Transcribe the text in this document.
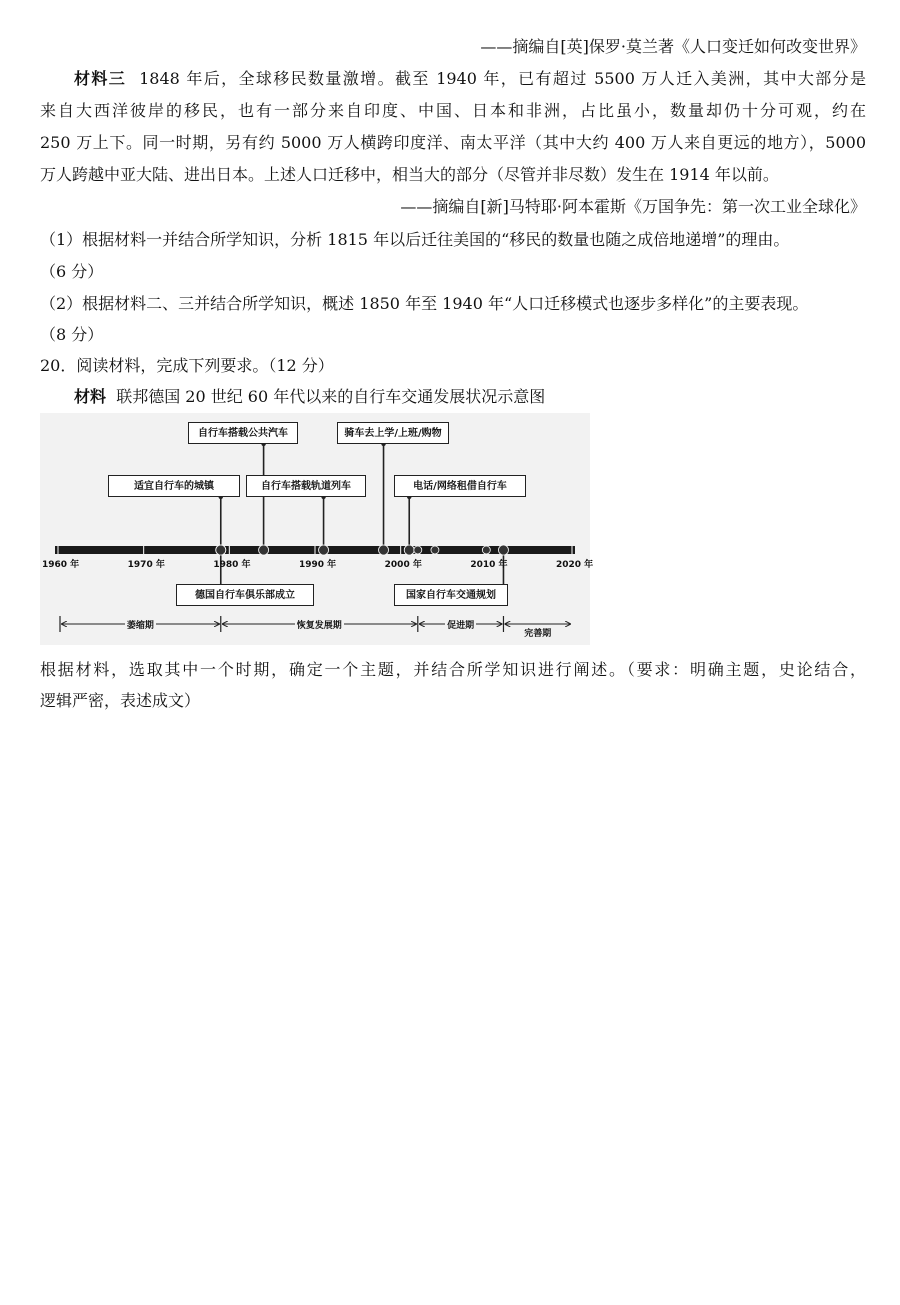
——摘编自[英]保罗·莫兰著《人口变迁如何改变世界》
材料三 1848 年后，全球移民数量激增。截至 1940 年，已有超过 5500 万人迁入美洲，其中大部分是
来自大西洋彼岸的移民，也有一部分来自印度、中国、日本和非洲，占比虽小，数量却仍十分可观，约在
250 万上下。同一时期，另有约 5000 万人横跨印度洋、南太平洋（其中大约 400 万人来自更远的地方），5000
万人跨越中亚大陆、进出日本。上述人口迁移中，相当大的部分（尽管并非尽数）发生在 1914 年以前。
——摘编自[新]马特耶·阿本霍斯《万国争先：第一次工业全球化》
（1）根据材料一并结合所学知识，分析 1815 年以后迁往美国的“移民的数量也随之成倍地递增”的理由。
（6 分）
（2）根据材料二、三并结合所学知识，概述 1850 年至 1940 年“人口迁移模式也逐步多样化”的主要表现。
（8 分）
20．阅读材料，完成下列要求。（12 分）
材料 联邦德国 20 世纪 60 年代以来的自行车交通发展状况示意图
1960 年	1970 年	1980 年	1990 年	2000 年	2010 年	2020 年
自行车搭载公共汽车	骑车去上学/上班/购物
适宜自行车的城镇	自行车搭载轨道列车	电话/网络租借自行车
德国自行车俱乐部成立	国家自行车交通规划
萎缩期	恢复发展期	促进期
完善期
根据材料，选取其中一个时期，确定一个主题，并结合所学知识进行阐述。（要求：明确主题，史论结合，
逻辑严密，表述成文）
